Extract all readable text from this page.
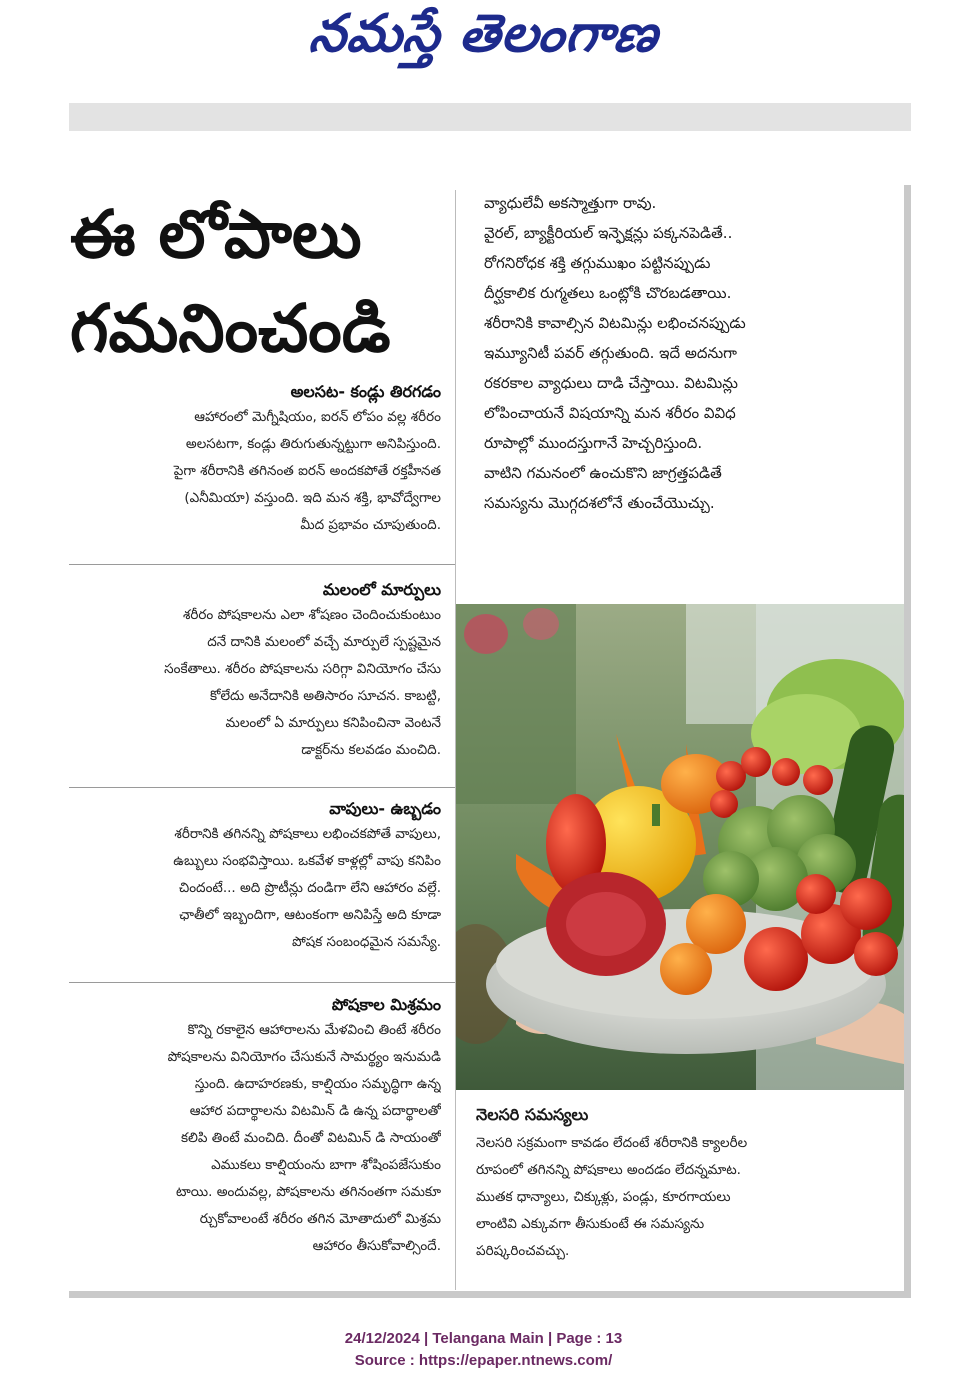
నమస్తే తెలంగాణ
ఈ లోపాలు
గమనించండి
అలసట- కండ్లు తిరగడం
ఆహారంలో మెగ్నీషియం, ఐరన్ లోపం వల్ల శరీరం
అలసటగా, కండ్లు తిరుగుతున్నట్టుగా అనిపిస్తుంది.
పైగా శరీరానికి తగినంత ఐరన్ అందకపోతే రక్తహీనత
(ఎనీమియా) వస్తుంది. ఇది మన శక్తి, భావోద్వేగాల
మీద ప్రభావం చూపుతుంది.
మలంలో మార్పులు
శరీరం పోషకాలను ఎలా శోషణం చెందించుకుంటుం
దనే దానికి మలంలో వచ్చే మార్పులే స్పష్టమైన
సంకేతాలు. శరీరం పోషకాలను సరిగ్గా వినియోగం చేసు
కోలేదు అనేదానికి అతిసారం సూచన. కాబట్టి,
మలంలో ఏ మార్పులు కనిపించినా వెంటనే
డాక్టర్‌ను కలవడం మంచిది.
వాపులు- ఉబ్బడం
శరీరానికి తగినన్ని పోషకాలు లభించకపోతే వాపులు,
ఉబ్బులు సంభవిస్తాయి. ఒకవేళ కాళ్లల్లో వాపు కనిపిం
చిందంటే... అది ప్రొటీన్లు దండిగా లేని ఆహారం వల్లే.
ఛాతీలో ఇబ్బందిగా, ఆటంకంగా అనిపిస్తే అది కూడా
పోషక సంబంధమైన సమస్యే.
పోషకాల మిశ్రమం
కొన్ని రకాలైన ఆహారాలను మేళవించి తింటే శరీరం
పోషకాలను వినియోగం చేసుకునే సామర్థ్యం ఇనుమడి
స్తుంది. ఉదాహరణకు, కాల్షియం సమృద్ధిగా ఉన్న
ఆహార పదార్థాలను విటమిన్ డి ఉన్న పదార్థాలతో
కలిపి తింటే మంచిది. దీంతో విటమిన్ డి సాయంతో
ఎముకలు కాల్షియంను బాగా శోషింపజేసుకుం
టాయి. అందువల్ల, పోషకాలను తగినంతగా సమకూ
ర్చుకోవాలంటే శరీరం తగిన మోతాదులో మిశ్రమ
ఆహారం తీసుకోవాల్సిందే.
వ్యాధులేవీ అకస్మాత్తుగా రావు.
వైరల్, బ్యాక్టీరియల్ ఇన్ఫెక్షన్లు పక్కనపెడితే..
రోగనిరోధక శక్తి తగ్గుముఖం పట్టినప్పుడు
దీర్ఘకాలిక రుగ్మతలు ఒంట్లోకి చొరబడతాయి.
శరీరానికి కావాల్సిన విటమిన్లు లభించనప్పుడు
ఇమ్యూనిటీ పవర్ తగ్గుతుంది. ఇదే అదనుగా
రకరకాల వ్యాధులు దాడి చేస్తాయి. విటమిన్లు
లోపించాయనే విషయాన్ని మన శరీరం వివిధ
రూపాల్లో ముందస్తుగానే హెచ్చరిస్తుంది.
వాటిని గమనంలో ఉంచుకొని జాగ్రత్తపడితే
సమస్యను మొగ్గదశలోనే తుంచేయొచ్చు.
నెలసరి సమస్యలు
నెలసరి సక్రమంగా కావడం లేదంటే శరీరానికి క్యాలరీల
రూపంలో తగినన్ని పోషకాలు అందడం లేదన్నమాట.
ముతక ధాన్యాలు, చిక్కుళ్లు, పండ్లు, కూరగాయలు
లాంటివి ఎక్కువగా తీసుకుంటే ఈ సమస్యను
పరిష్కరించవచ్చు.
24/12/2024 | Telangana Main | Page : 13
Source : https://epaper.ntnews.com/
